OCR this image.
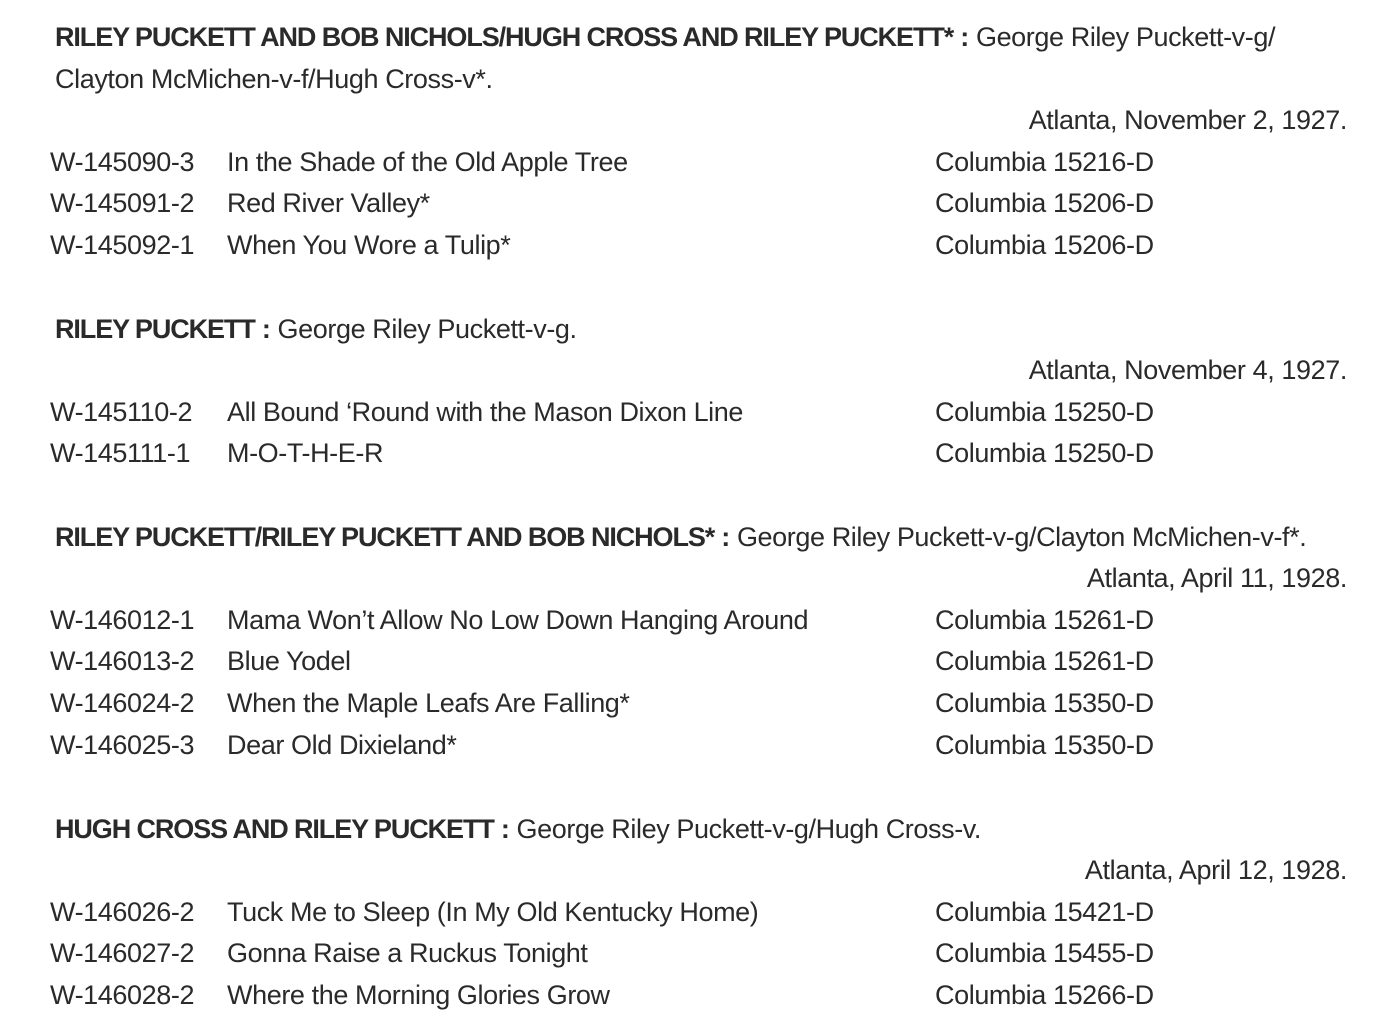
RILEY PUCKETT AND BOB NICHOLS/HUGH CROSS AND RILEY PUCKETT* : George Riley Puckett-v-g/
Clayton McMichen-v-f/Hugh Cross-v*.
Atlanta, November 2, 1927.
W-145090-3 In the Shade of the Old Apple Tree	Columbia 15216-D
W-145091-2 Red River Valley*	Columbia 15206-D
W-145092-1 When You Wore a Tulip*	Columbia 15206-D
RILEY PUCKETT : George Riley Puckett-v-g.
Atlanta, November 4, 1927.
W-145110-2 All Bound ‘Round with the Mason Dixon Line	Columbia 15250-D
W-145111-1 M-O-T-H-E-R	Columbia 15250-D
RILEY PUCKETT/RILEY PUCKETT AND BOB NICHOLS* : George Riley Puckett-v-g/Clayton McMichen-v-f*.
Atlanta, April 11, 1928.
W-146012-1 Mama Won’t Allow No Low Down Hanging Around	Columbia 15261-D
W-146013-2 Blue Yodel	Columbia 15261-D
W-146024-2 When the Maple Leafs Are Falling*	Columbia 15350-D
W-146025-3 Dear Old Dixieland*	Columbia 15350-D
HUGH CROSS AND RILEY PUCKETT : George Riley Puckett-v-g/Hugh Cross-v.
Atlanta, April 12, 1928.
W-146026-2 Tuck Me to Sleep (In My Old Kentucky Home)	Columbia 15421-D
W-146027-2 Gonna Raise a Ruckus Tonight	Columbia 15455-D
W-146028-2 Where the Morning Glories Grow	Columbia 15266-D
